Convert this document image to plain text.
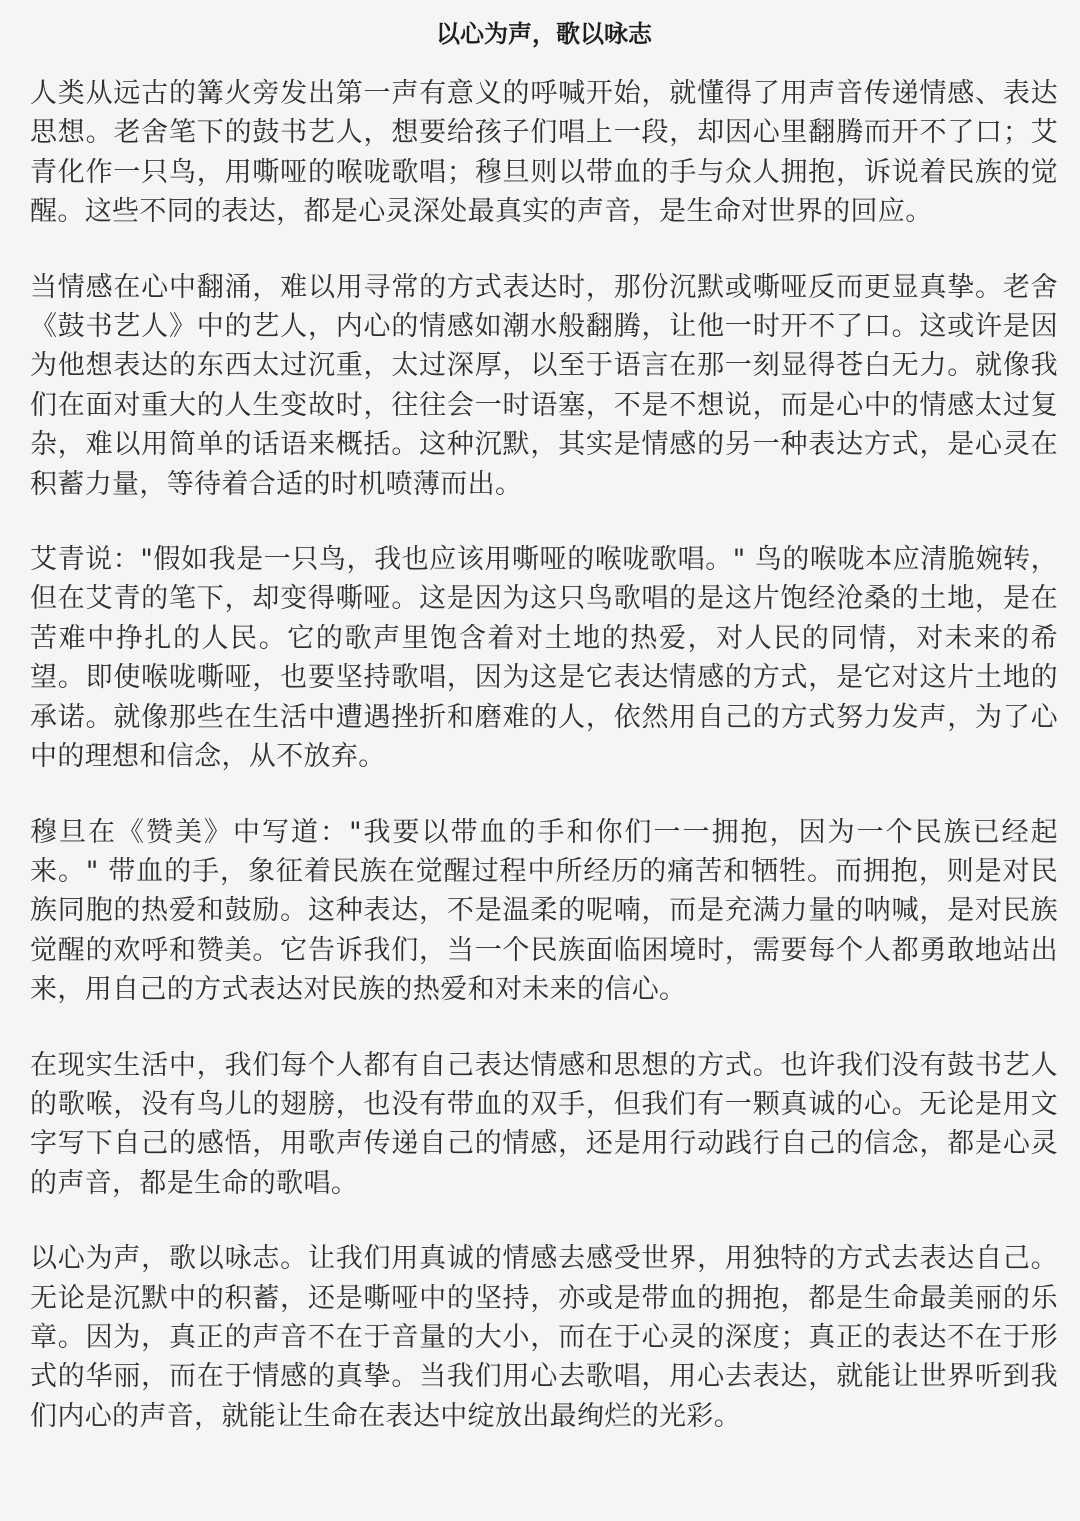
以心为声，歌以咏志

人类从远古的篝火旁发出第一声有意义的呼喊开始，就懂得了用声音传递情感、表达思想。老舍笔下的鼓书艺人，想要给孩子们唱上一段，却因心里翻腾而开不了口；艾青化作一只鸟，用嘶哑的喉咙歌唱；穆旦则以带血的手与众人拥抱，诉说着民族的觉醒。这些不同的表达，都是心灵深处最真实的声音，是生命对世界的回应。

当情感在心中翻涌，难以用寻常的方式表达时，那份沉默或嘶哑反而更显真挚。老舍《鼓书艺人》中的艺人，内心的情感如潮水般翻腾，让他一时开不了口。这或许是因为他想表达的东西太过沉重，太过深厚，以至于语言在那一刻显得苍白无力。就像我们在面对重大的人生变故时，往往会一时语塞，不是不想说，而是心中的情感太过复杂，难以用简单的话语来概括。这种沉默，其实是情感的另一种表达方式，是心灵在积蓄力量，等待着合适的时机喷薄而出。

艾青说："假如我是一只鸟，我也应该用嘶哑的喉咙歌唱。" 鸟的喉咙本应清脆婉转，但在艾青的笔下，却变得嘶哑。这是因为这只鸟歌唱的是这片饱经沧桑的土地，是在苦难中挣扎的人民。它的歌声里饱含着对土地的热爱，对人民的同情，对未来的希望。即使喉咙嘶哑，也要坚持歌唱，因为这是它表达情感的方式，是它对这片土地的承诺。就像那些在生活中遭遇挫折和磨难的人，依然用自己的方式努力发声，为了心中的理想和信念，从不放弃。

穆旦在《赞美》中写道："我要以带血的手和你们一一拥抱，因为一个民族已经起来。" 带血的手，象征着民族在觉醒过程中所经历的痛苦和牺牲。而拥抱，则是对民族同胞的热爱和鼓励。这种表达，不是温柔的呢喃，而是充满力量的呐喊，是对民族觉醒的欢呼和赞美。它告诉我们，当一个民族面临困境时，需要每个人都勇敢地站出来，用自己的方式表达对民族的热爱和对未来的信心。

在现实生活中，我们每个人都有自己表达情感和思想的方式。也许我们没有鼓书艺人的歌喉，没有鸟儿的翅膀，也没有带血的双手，但我们有一颗真诚的心。无论是用文字写下自己的感悟，用歌声传递自己的情感，还是用行动践行自己的信念，都是心灵的声音，都是生命的歌唱。

以心为声，歌以咏志。让我们用真诚的情感去感受世界，用独特的方式去表达自己。无论是沉默中的积蓄，还是嘶哑中的坚持，亦或是带血的拥抱，都是生命最美丽的乐章。因为，真正的声音不在于音量的大小，而在于心灵的深度；真正的表达不在于形式的华丽，而在于情感的真挚。当我们用心去歌唱，用心去表达，就能让世界听到我们内心的声音，就能让生命在表达中绽放出最绚烂的光彩。
